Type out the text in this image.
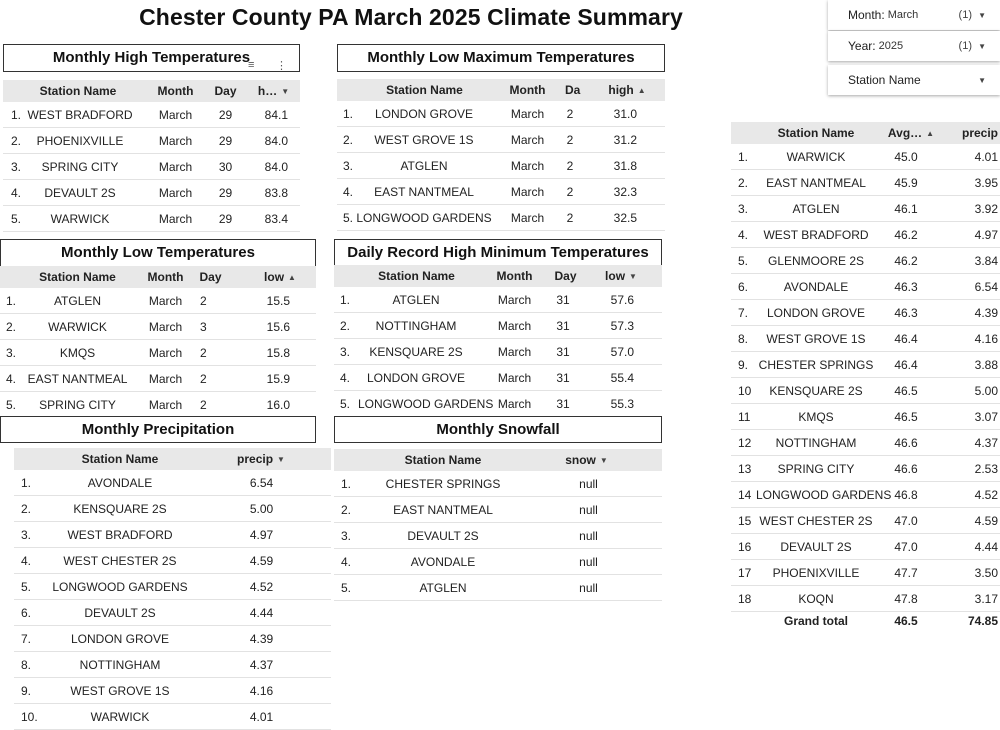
Chester County PA March 2025 Climate Summary	Month: March	(1) ▼
Year: 2025	(1) ▼
Station Name	▼
Monthly High Temperatures
≡ ⋮
Station Name	Month	Day	h… ▼
1. WEST BRADFORD	March	29	84.1
2.	PHOENIXVILLE	March	29	84.0
3.	SPRING CITY	March	30	84.0
4.	DEVAULT 2S	March	29	83.8
5.	WARWICK	March	29	83.4
Monthly Low Maximum Temperatures
Station Name	Month	Da high ▲
1.	LONDON GROVE	March	2	31.0
2.	WEST GROVE 1S	March	2	31.2
3.	ATGLEN	March	2	31.8
4.	EAST NANTMEAL	March	2	32.3
5. LONGWOOD GARDENS	March	2	32.5
Monthly Low Temperatures
Station Name	Month	Day	low ▲
1.	ATGLEN	March	2	15.5
2.	WARWICK	March	3	15.6
3.	KMQS	March	2	15.8
4. EAST NANTMEAL	March	2	15.9
5.	SPRING CITY	March	2	16.0
Daily Record High Minimum Temperatures
Station Name	Month	Day	low ▼
1.	ATGLEN	March	31	57.6
2.	NOTTINGHAM	March	31	57.3
3.	KENSQUARE 2S	March	31	57.0
4.	LONDON GROVE	March	31	55.4
5. LONGWOOD GARDENS March	31	55.3
Monthly Precipitation
Station Name	precip ▼
1.	AVONDALE	6.54
2.	KENSQUARE 2S	5.00
3.	WEST BRADFORD	4.97
4.	WEST CHESTER 2S	4.59
5.	LONGWOOD GARDENS	4.52
6.	DEVAULT 2S	4.44
7.	LONDON GROVE	4.39
8.	NOTTINGHAM	4.37
9.	WEST GROVE 1S	4.16
10.	WARWICK	4.01
Monthly Snowfall
Station Name	snow ▼
1.	CHESTER SPRINGS	null
2.	EAST NANTMEAL	null
3.	DEVAULT 2S	null
4.	AVONDALE	null
5.	ATGLEN	null
Station Name	Avg… ▲ precip
1.	WARWICK	45.0	4.01
2.	EAST NANTMEAL	45.9	3.95
3.	ATGLEN	46.1	3.92
4.	WEST BRADFORD	46.2	4.97
5.	GLENMOORE 2S	46.2	3.84
6.	AVONDALE	46.3	6.54
7.	LONDON GROVE	46.3	4.39
8.	WEST GROVE 1S	46.4	4.16
9. CHESTER SPRINGS	46.4	3.88
10	KENSQUARE 2S	46.5	5.00
11	KMQS	46.5	3.07
12	NOTTINGHAM	46.6	4.37
13	SPRING CITY	46.6	2.53
14 LONGWOOD GARDENS 46.8	4.52
15 WEST CHESTER 2S	47.0	4.59
16	DEVAULT 2S	47.0	4.44
17	PHOENIXVILLE	47.7	3.50
18	KOQN	47.8	3.17
Grand total	46.5	74.85
